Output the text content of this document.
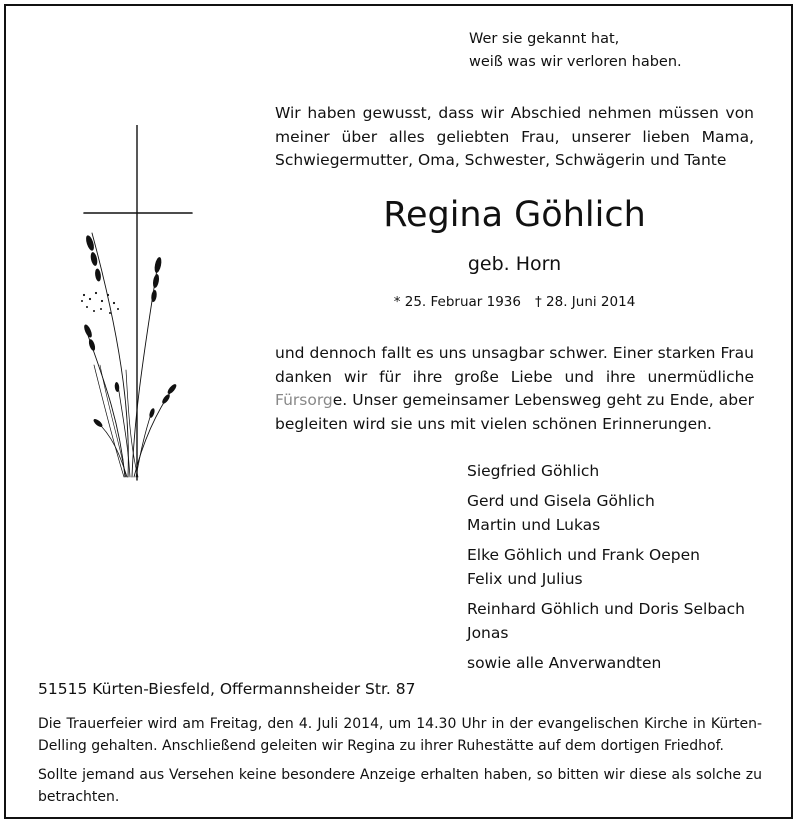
Wer sie gekannt hat,
weiß was wir verloren haben.
Wir haben gewusst, dass wir Abschied nehmen müssen von meiner über alles geliebten Frau, unserer lieben Mama, Schwiegermutter, Oma, Schwester, Schwägerin und Tante
Regina Göhlich
geb. Horn
* 25. Februar 1936 † 28. Juni 2014
und dennoch fallt es uns unsagbar schwer. Einer starken Frau danken wir für ihre große Liebe und ihre unermüdliche Fürsorge. Unser gemeinsamer Lebensweg geht zu Ende, aber begleiten wird sie uns mit vielen schönen Erinnerungen.
Siegfried Göhlich
Gerd und Gisela Göhlich
Martin und Lukas
Elke Göhlich und Frank Oepen
Felix und Julius
Reinhard Göhlich und Doris Selbach
Jonas
sowie alle Anverwandten
51515 Kürten-Biesfeld, Offermannsheider Str. 87
Die Trauerfeier wird am Freitag, den 4. Juli 2014, um 14.30 Uhr in der evangelischen Kirche in Kürten-Delling gehalten. Anschließend geleiten wir Regina zu ihrer Ruhestätte auf dem dortigen Friedhof.
Sollte jemand aus Versehen keine besondere Anzeige erhalten haben, so bitten wir diese als solche zu betrachten.
